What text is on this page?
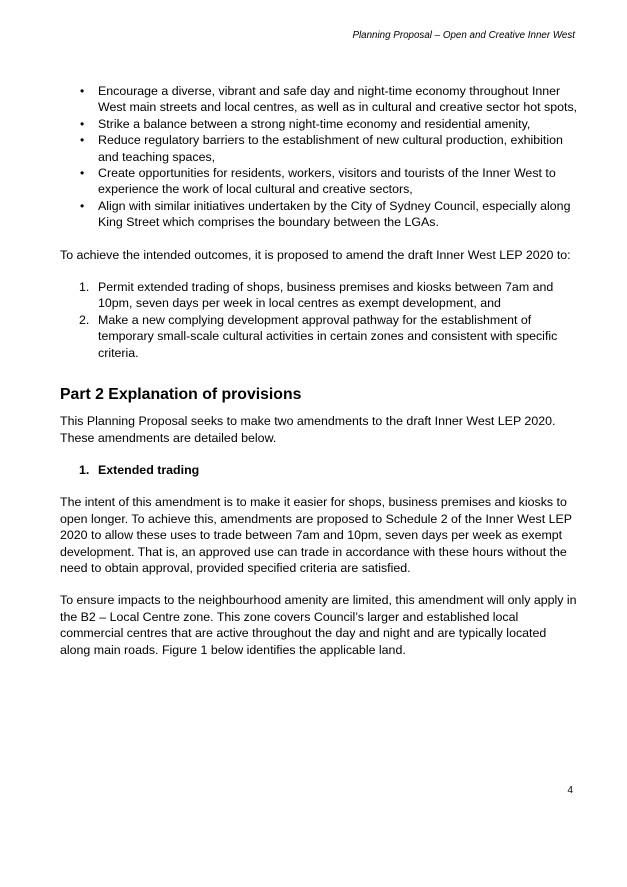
Planning Proposal – Open and Creative Inner West
• Encourage a diverse, vibrant and safe day and night-time economy throughout Inner West main streets and local centres, as well as in cultural and creative sector hot spots,
• Strike a balance between a strong night-time economy and residential amenity,
• Reduce regulatory barriers to the establishment of new cultural production, exhibition and teaching spaces,
• Create opportunities for residents, workers, visitors and tourists of the Inner West to experience the work of local cultural and creative sectors,
• Align with similar initiatives undertaken by the City of Sydney Council, especially along King Street which comprises the boundary between the LGAs.

To achieve the intended outcomes, it is proposed to amend the draft Inner West LEP 2020 to:

1. Permit extended trading of shops, business premises and kiosks between 7am and 10pm, seven days per week in local centres as exempt development, and
2. Make a new complying development approval pathway for the establishment of temporary small-scale cultural activities in certain zones and consistent with specific criteria.
Part 2 Explanation of provisions

This Planning Proposal seeks to make two amendments to the draft Inner West LEP 2020. These amendments are detailed below.

1. Extended trading

The intent of this amendment is to make it easier for shops, business premises and kiosks to open longer. To achieve this, amendments are proposed to Schedule 2 of the Inner West LEP 2020 to allow these uses to trade between 7am and 10pm, seven days per week as exempt development. That is, an approved use can trade in accordance with these hours without the need to obtain approval, provided specified criteria are satisfied.

To ensure impacts to the neighbourhood amenity are limited, this amendment will only apply in the B2 – Local Centre zone. This zone covers Council’s larger and established local commercial centres that are active throughout the day and night and are typically located along main roads. Figure 1 below identifies the applicable land.

4
